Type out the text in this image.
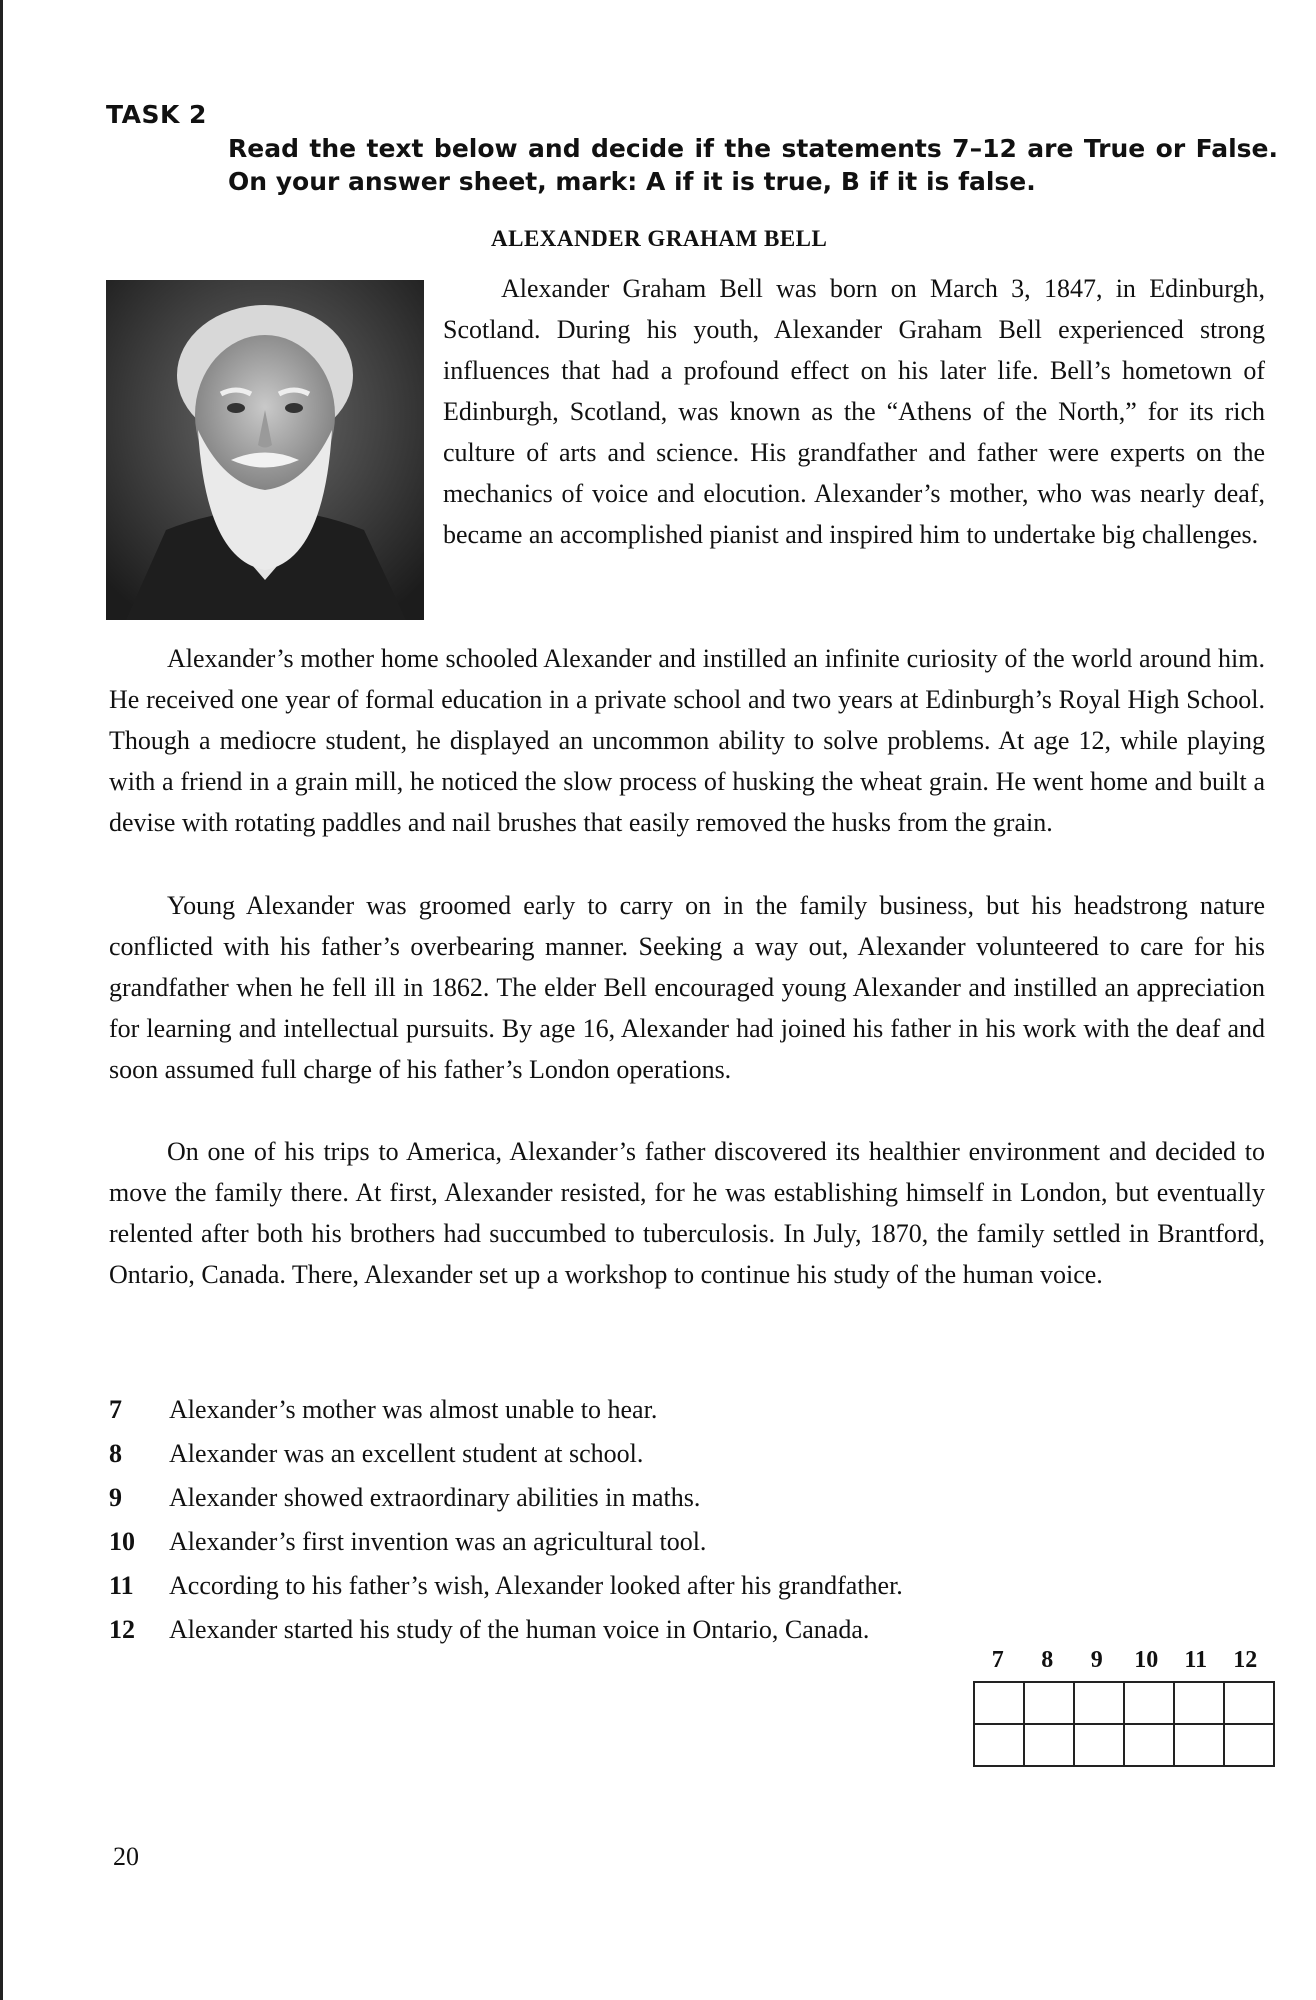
TASK 2
Read the text below and decide if the statements 7–12 are True or False. On your answer sheet, mark: A if it is true, B if it is false.
ALEXANDER GRAHAM BELL
Alexander Graham Bell was born on March 3, 1847, in Edinburgh, Scotland. During his youth, Alexander Graham Bell experienced strong influences that had a profound effect on his later life. Bell’s hometown of Edinburgh, Scotland, was known as the “Athens of the North,” for its rich culture of arts and science. His grandfather and father were experts on the mechanics of voice and elocution. Alexander’s mother, who was nearly deaf, became an accomplished pianist and inspired him to undertake big challenges.
Alexander’s mother home schooled Alexander and instilled an infinite curiosity of the world around him. He received one year of formal education in a private school and two years at Edinburgh’s Royal High School. Though a mediocre student, he displayed an uncommon ability to solve problems. At age 12, while playing with a friend in a grain mill, he noticed the slow process of husking the wheat grain. He went home and built a devise with rotating paddles and nail brushes that easily removed the husks from the grain.
Young Alexander was groomed early to carry on in the family business, but his headstrong nature conflicted with his father’s overbearing manner. Seeking a way out, Alexander volunteered to care for his grandfather when he fell ill in 1862. The elder Bell encouraged young Alexander and instilled an appreciation for learning and intellectual pursuits. By age 16, Alexander had joined his father in his work with the deaf and soon assumed full charge of his father’s London operations.
On one of his trips to America, Alexander’s father discovered its healthier environment and decided to move the family there. At first, Alexander resisted, for he was establishing himself in London, but eventually relented after both his brothers had succumbed to tuberculosis. In July, 1870, the family settled in Brantford, Ontario, Canada. There, Alexander set up a workshop to continue his study of the human voice.
7	Alexander’s mother was almost unable to hear.
8	Alexander was an excellent student at school.
9	Alexander showed extraordinary abilities in maths.
10	Alexander’s first invention was an agricultural tool.
11	According to his father’s wish, Alexander looked after his grandfather.
12	Alexander started his study of the human voice in Ontario, Canada.
7	8	9	10	11	12

20
